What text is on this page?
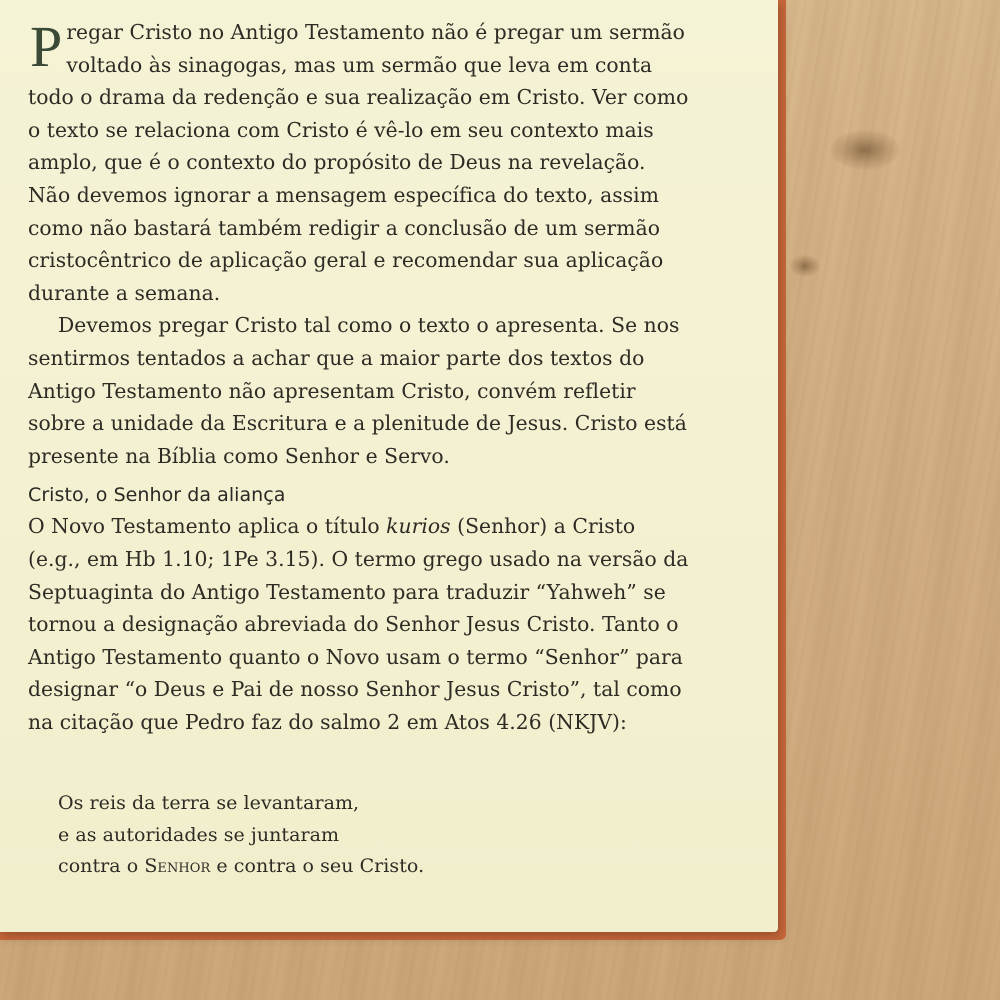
Pregar Cristo no Antigo Testamento não é pregar um sermão voltado às sinagogas, mas um sermão que leva em conta todo o drama da redenção e sua realização em Cristo. Ver como o texto se relaciona com Cristo é vê-lo em seu contexto mais amplo, que é o contexto do propósito de Deus na revelação. Não devemos ignorar a mensagem específica do texto, assim como não bastará também redigir a conclusão de um sermão cristocêntrico de aplicação geral e recomendar sua aplicação durante a semana.

Devemos pregar Cristo tal como o texto o apresenta. Se nos sentirmos tentados a achar que a maior parte dos textos do Antigo Testamento não apresentam Cristo, convém refletir sobre a unidade da Escritura e a plenitude de Jesus. Cristo está presente na Bíblia como Senhor e Servo.

Cristo, o Senhor da aliança

O Novo Testamento aplica o título kurios (Senhor) a Cristo (e.g., em Hb 1.10; 1Pe 3.15). O termo grego usado na versão da Septuaginta do Antigo Testamento para traduzir “Yahweh” se tornou a designação abreviada do Senhor Jesus Cristo. Tanto o Antigo Testamento quanto o Novo usam o termo “Senhor” para designar “o Deus e Pai de nosso Senhor Jesus Cristo”, tal como na citação que Pedro faz do salmo 2 em Atos 4.26 (NKJV):

Os reis da terra se levantaram,
e as autoridades se juntaram
contra o Senhor e contra o seu Cristo.
